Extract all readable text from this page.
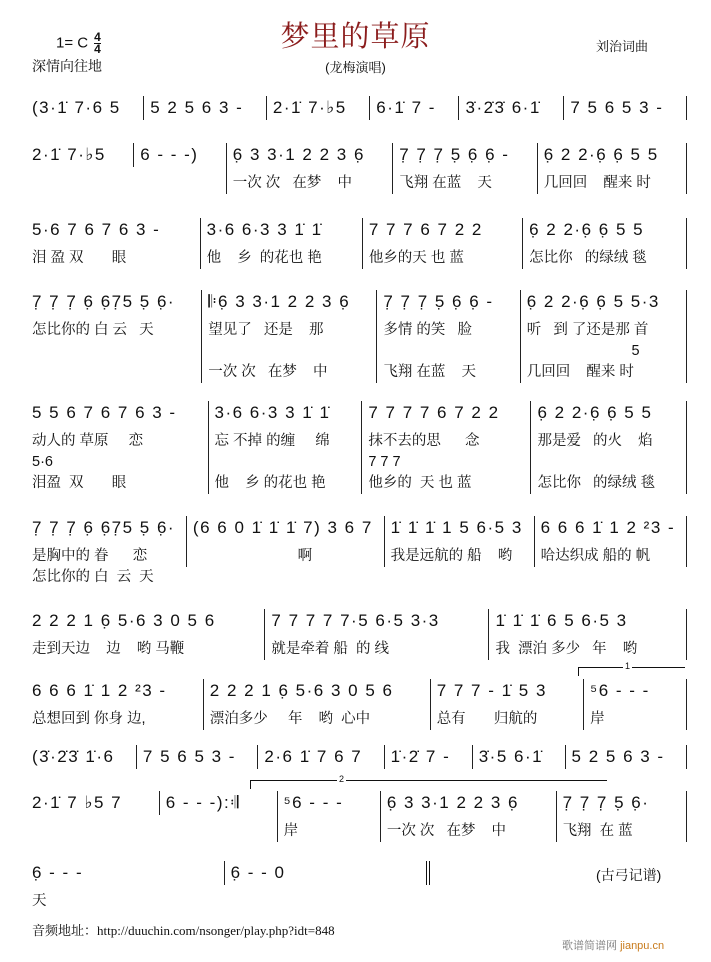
梦里的草原
1= C $\frac{4}{4}$
深情向往地	(龙梅演唱)
刘治词曲
(3·1̇ 7·6 5	5 2 5 6 3 -	2·1̇ 7·♭5	6·1̇ 7 -	3̇·2̇3̇ 6·1̇	7 5 6 5 3 -
2·1̇ 7·♭5	6 - - -)	6̣ 3 3·1 2 2 3 6̣
一次 次   在梦    中
7̣ 7̣ 7̣ 5̣ 6̣ 6̣ -
飞翔 在蓝    天
6̣ 2 2·6̣ 6̣ 5 5
几回回    醒来 时
5·6 7 6 7 6 3 -
泪 盈 双       眼
3·6 6·3 3 1̇ 1̇
他    乡  的花也 艳
7 7 7 6 7 2 2
他乡的天 也 蓝
6̣ 2 2·6̣ 6̣ 5 5
怎比你   的绿绒 毯
7̣ 7̣ 7̣ 6̣ 6̣7̣5 5̣ 6̣·
怎比你的 白 云   天
𝄆6̣ 3 3·1 2 2 3 6̣
望见了   还是    那

一次 次   在梦    中
7̣ 7̣ 7̣ 5̣ 6̣ 6̣ -
多情 的笑   脸

飞翔 在蓝    天
6̣ 2 2·6̣ 6̣ 5 5·3
听   到 了还是那 首
5
几回回    醒来 时
5 5 6 7 6 7 6 3 -
动人的 草原     恋
5·6
泪盈  双       眼
3·6 6·3 3 1̇ 1̇
忘 不掉 的缠     绵

他    乡 的花也 艳
7 7 7 7 6 7 2 2
抹不去的思      念
7 7 7
他乡的  天 也 蓝
6̣ 2 2·6̣ 6̣ 5 5
那是爱   的火    焰

怎比你   的绿绒 毯
7̣ 7̣ 7̣ 6̣ 6̣7̣5 5̣ 6̣·
是胸中的 眷      恋
怎比你的 白  云  天
(6 6 0 1̇ 1̇ 1̇ 7) 3 6 7
啊
1̇ 1̇ 1̇ 1 5 6·5 3
我是远航的 船    哟
6 6 6 1̇ 1 2 ²3 -
哈达织成 船的 帆
2 2 2 1 6̣ 5·6 3 0 5 6
走到天边    边    哟 马鞭
7 7 7 7 7·5 6·5 3·3
就是牵着 船  的 线
1̇ 1̇ 1̇ 6 5 6·5 3
我  漂泊 多少   年    哟
6 6 6 1̇ 1 2 ²3 -
总想回到 你身 边,
2 2 2 1 6̣ 5·6 3 0 5 6
漂泊多少     年    哟  心中
7 7 7 - 1̇ 5 3
总有       归航的
⁵6 - - -
岸
(3̇·2̇3̇ 1̇·6	7 5 6 5 3 -	2·6 1̇ 7 6 7	1̇·2̇ 7 -	3̇·5 6·1̇	5 2 5 6 3 -
2·1̇ 7 ♭5 7	6 - - -):𝄇	⁵6 - - -
岸
6̣ 3 3·1 2 2 3 6̣
一次 次   在梦    中
7̣ 7̣ 7̣ 5̣ 6̣·
飞翔  在 蓝
6̣ - - -
天
6̣ - - 0
1
2
(古弓记谱)
音频地址：http://duuchin.com/nsonger/play.php?idt=848
歌谱简谱网 jianpu.cn
